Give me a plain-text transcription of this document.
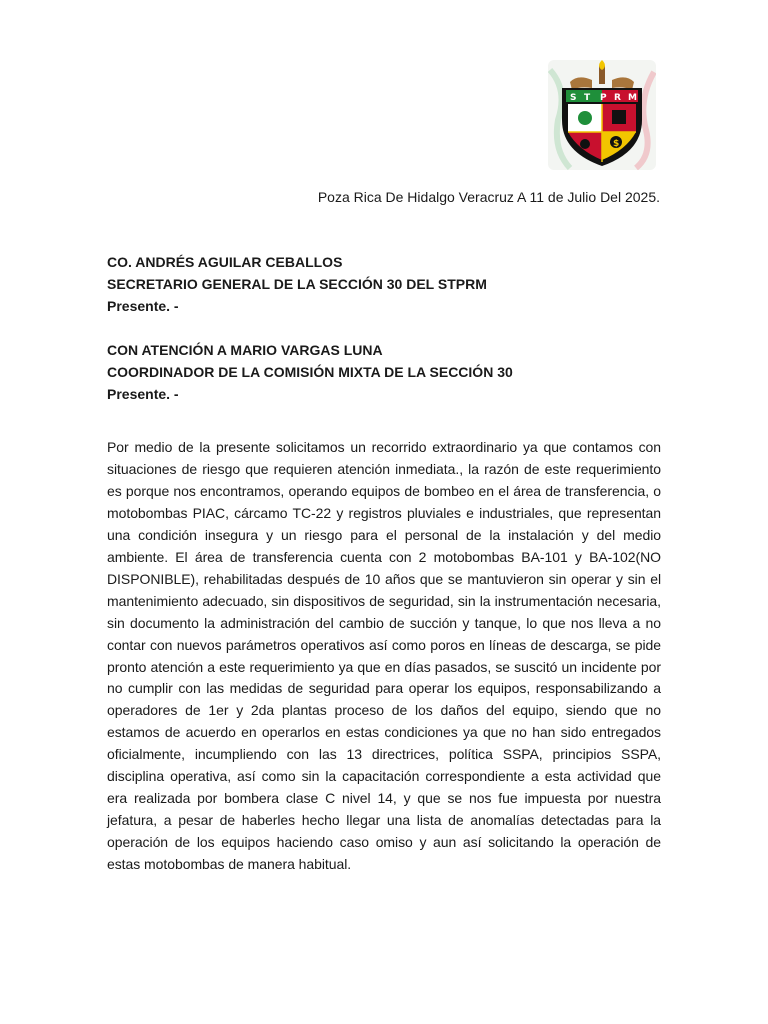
S T P R M
$
Poza Rica De Hidalgo Veracruz A 11 de Julio Del 2025.
CO. ANDRÉS AGUILAR CEBALLOS
SECRETARIO GENERAL DE LA SECCIÓN 30 DEL STPRM
Presente. -
CON ATENCIÓN A MARIO VARGAS LUNA
COORDINADOR DE LA COMISIÓN MIXTA DE LA SECCIÓN 30
Presente. -

Por medio de la presente solicitamos un recorrido extraordinario ya que contamos con situaciones de riesgo que requieren atención inmediata., la razón de este requerimiento es porque nos encontramos, operando equipos de bombeo en el área de transferencia, o motobombas PIAC, cárcamo TC-22 y registros pluviales e industriales, que representan una condición insegura y un riesgo para el personal de la instalación y del medio ambiente. El área de transferencia cuenta con 2 motobombas BA-101 y BA-102(NO DISPONIBLE), rehabilitadas después de 10 años que se mantuvieron sin operar y sin el mantenimiento adecuado, sin dispositivos de seguridad, sin la instrumentación necesaria, sin documento la administración del cambio de succión y tanque, lo que nos lleva a no contar con nuevos parámetros operativos así como poros en líneas de descarga, se pide pronto atención a este requerimiento ya que en días pasados, se suscitó un incidente por no cumplir con las medidas de seguridad para operar los equipos, responsabilizando a operadores de 1er y 2da plantas proceso de los daños del equipo, siendo que no estamos de acuerdo en operarlos en estas condiciones ya que no han sido entregados oficialmente, incumpliendo con las 13 directrices, política SSPA, principios SSPA, disciplina operativa, así como sin la capacitación correspondiente a esta actividad que era realizada por bombera clase C nivel 14, y que se nos fue impuesta por nuestra jefatura, a pesar de haberles hecho llegar una lista de anomalías detectadas para la operación de los equipos haciendo caso omiso y aun así solicitando la operación de estas motobombas de manera habitual.
